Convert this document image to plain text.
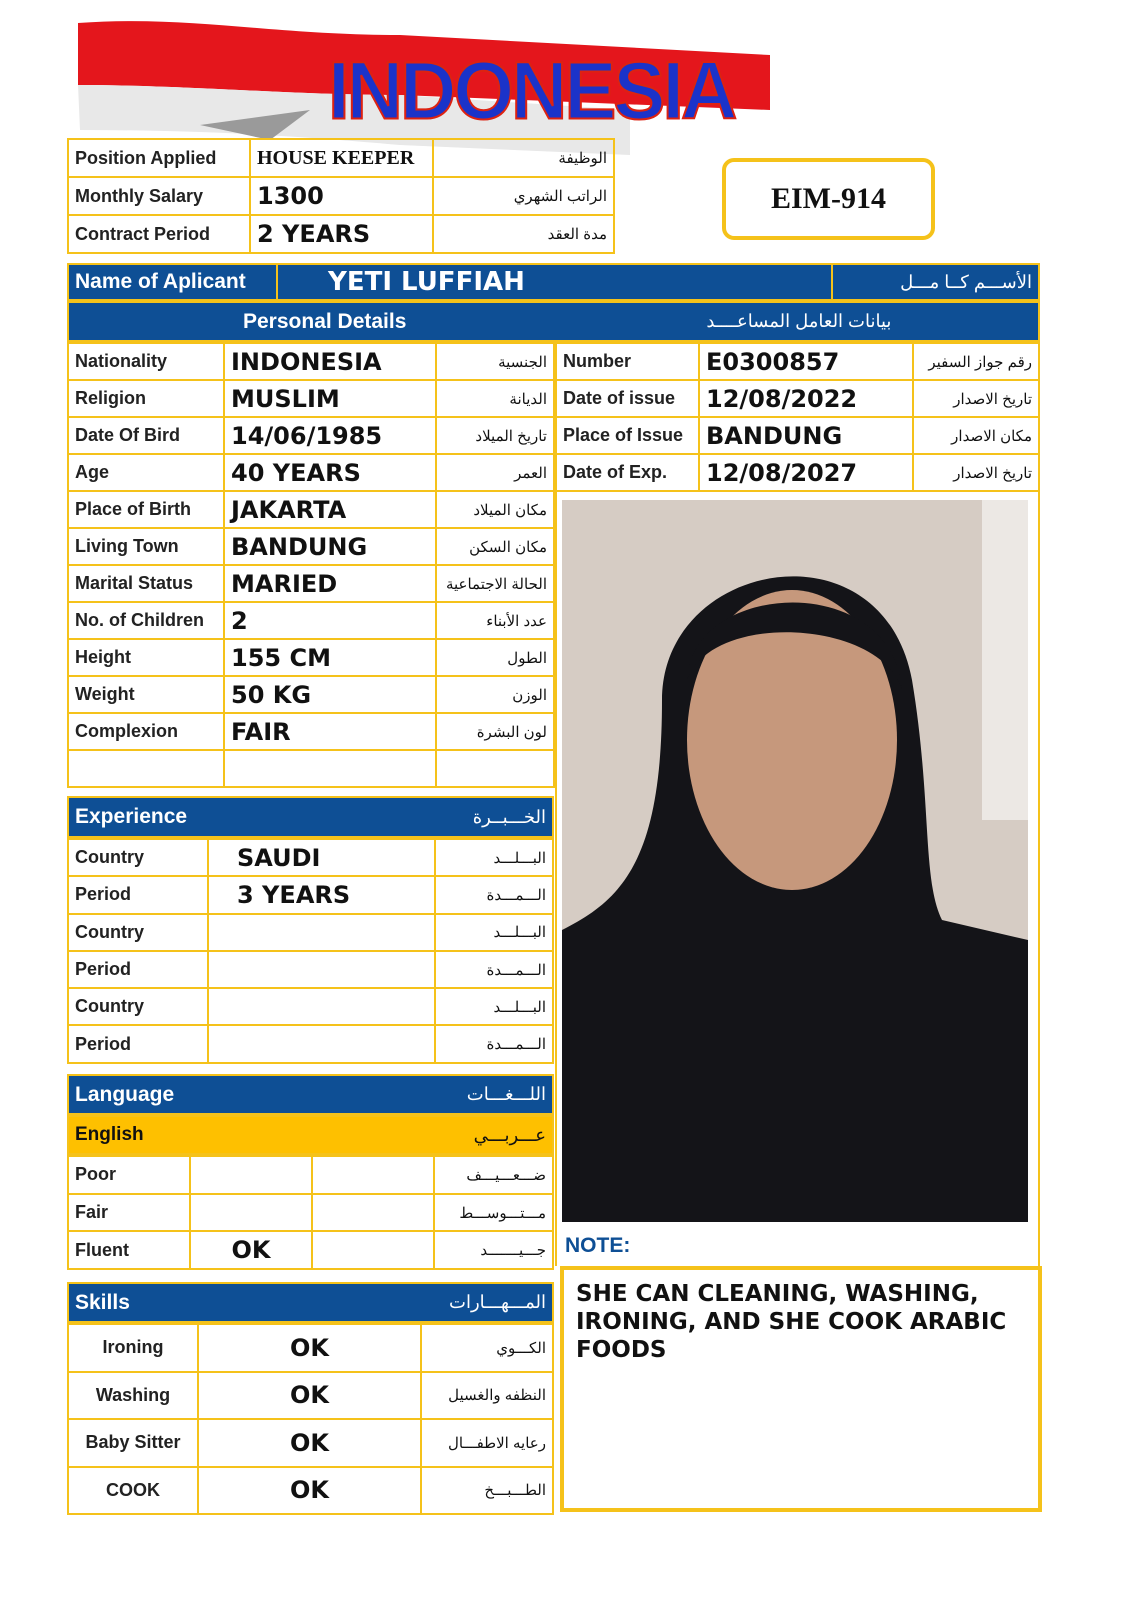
INDONESIA
Position Applied	HOUSE KEEPER	الوظيفة
Monthly Salary	1300	الراتب الشهري
Contract Period	2 YEARS	مدة العقد
EIM-914
Name of Aplicant	YETI LUFFIAH	الأســـم كــا مـــل
Personal Details	بيانات العامل المساعــــد
Nationality	INDONESIA	الجنسية
Religion	MUSLIM	الديانة
Date Of Bird	14/06/1985	تاريخ الميلاد
Age	40 YEARS	العمر
Place of Birth	JAKARTA	مكان الميلاد
Living Town	BANDUNG	مكان السكن
Marital Status	MARIED	الحالة الاجتماعية
No. of Children	2	عدد الأبناء
Height	155 CM	الطول
Weight	50 KG	الوزن
Complexion	FAIR	لون البشرة

Number	E0300857	رقم جواز السفير
Date of issue	12/08/2022	تاريخ الاصدار
Place of Issue	BANDUNG	مكان الاصدار
Date of Exp.	12/08/2027	تاريخ الاصدار
NOTE:
SHE CAN CLEANING, WASHING, IRONING, AND SHE COOK ARABIC FOODS
Experience	الخـــبــرة
Country	SAUDI	البـــلـــد
Period	3 YEARS	الـــمـــدة
Country		البـــلـــد
Period		الـــمـــدة
Country		البـــلـــد
Period		الـــمـــدة
Language	اللـــغـــات
English	عـــربـــي
Poor			ضـــعـــيـــف
Fair			مـــتـــوســـط
Fluent	OK		جـــيـــــــد
Skills	المـــهـــارات
Ironing	OK	الكـــوي
Washing	OK	النظفه والغسيل
Baby Sitter	OK	رعايه الاطفـــال
COOK	OK	الطـــبـــخ
